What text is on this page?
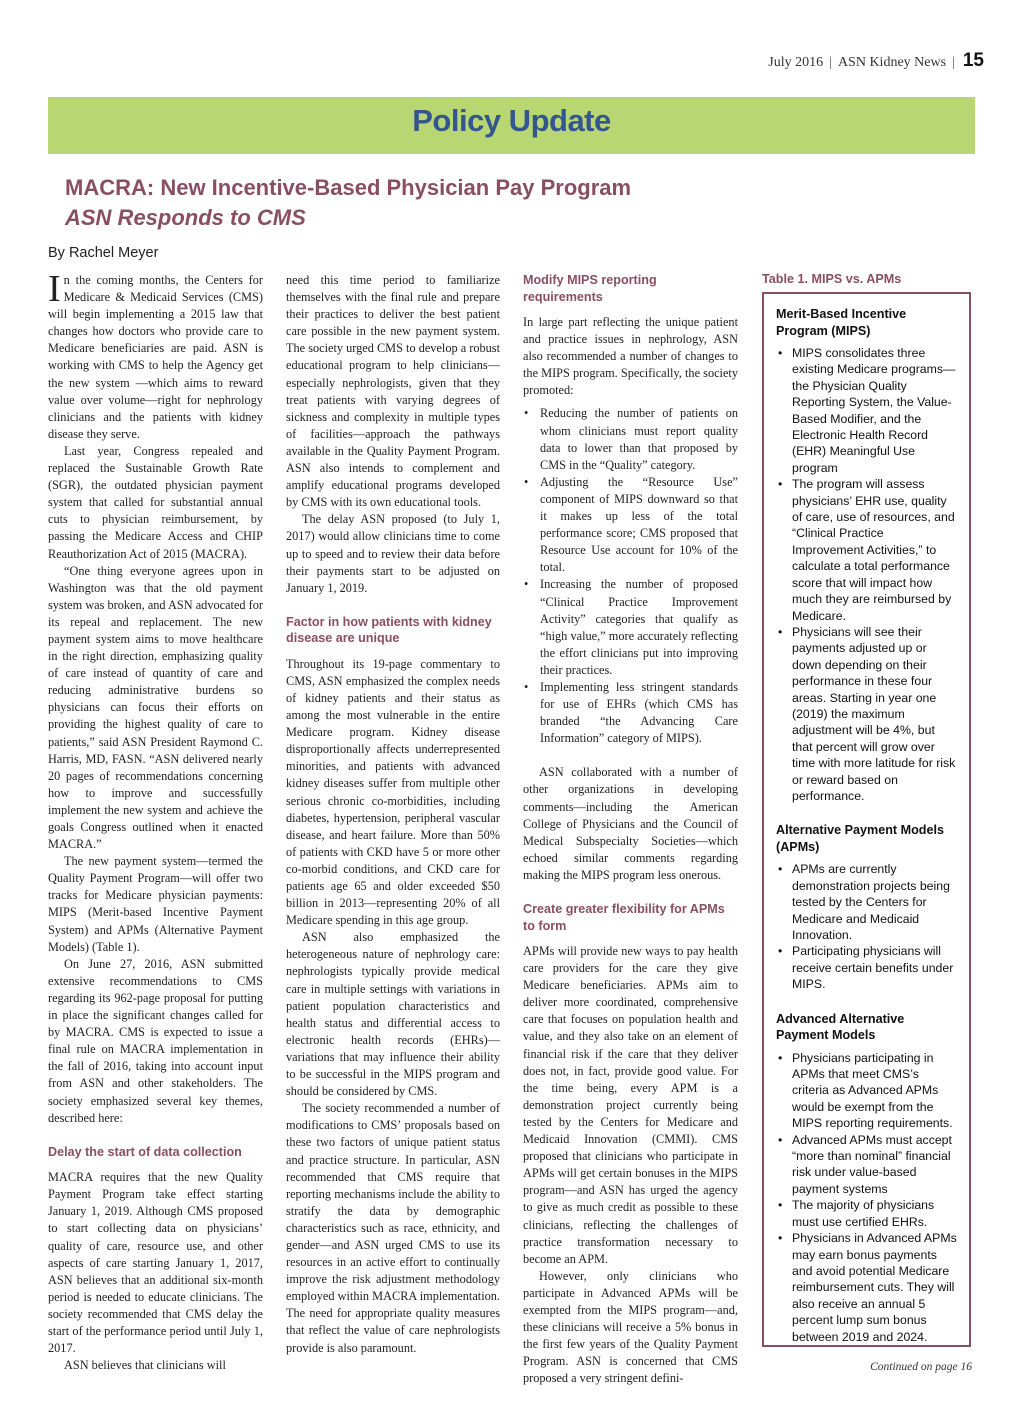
July 2016 | ASN Kidney News | 15
Policy Update
MACRA: New Incentive-Based Physician Pay Program
ASN Responds to CMS
By Rachel Meyer

In the coming months, the Centers for Medicare & Medicaid Services (CMS) will begin implementing a 2015 law that changes how doctors who provide care to Medicare beneficiaries are paid. ASN is working with CMS to help the Agency get the new system —which aims to reward value over volume—right for nephrology clinicians and the patients with kidney disease they serve.

Last year, Congress repealed and replaced the Sustainable Growth Rate (SGR), the outdated physician payment system that called for substantial annual cuts to physician reimbursement, by passing the Medicare Access and CHIP Reauthorization Act of 2015 (MACRA).

“One thing everyone agrees upon in Washington was that the old payment system was broken, and ASN advocated for its repeal and replacement. The new payment system aims to move healthcare in the right direction, emphasizing quality of care instead of quantity of care and reducing administrative burdens so physicians can focus their efforts on providing the highest quality of care to patients,” said ASN President Raymond C. Harris, MD, FASN. “ASN delivered nearly 20 pages of recommendations concerning how to improve and successfully implement the new system and achieve the goals Congress outlined when it enacted MACRA.”

The new payment system—termed the Quality Payment Program—will offer two tracks for Medicare physician payments: MIPS (Merit-based Incentive Payment System) and APMs (Alternative Payment Models) (Table 1).

On June 27, 2016, ASN submitted extensive recommendations to CMS regarding its 962-page proposal for putting in place the significant changes called for by MACRA. CMS is expected to issue a final rule on MACRA implementation in the fall of 2016, taking into account input from ASN and other stakeholders. The society emphasized several key themes, described here:

Delay the start of data collection

MACRA requires that the new Quality Payment Program take effect starting January 1, 2019. Although CMS proposed to start collecting data on physicians’ quality of care, resource use, and other aspects of care starting January 1, 2017, ASN believes that an additional six-month period is needed to educate clinicians. The society recommended that CMS delay the start of the performance period until July 1, 2017.

ASN believes that clinicians will

need this time period to familiarize themselves with the final rule and prepare their practices to deliver the best patient care possible in the new payment system. The society urged CMS to develop a robust educational program to help clinicians—especially nephrologists, given that they treat patients with varying degrees of sickness and complexity in multiple types of facilities—approach the pathways available in the Quality Payment Program. ASN also intends to complement and amplify educational programs developed by CMS with its own educational tools.

The delay ASN proposed (to July 1, 2017) would allow clinicians time to come up to speed and to review their data before their payments start to be adjusted on January 1, 2019.

Factor in how patients with kidney disease are unique

Throughout its 19-page commentary to CMS, ASN emphasized the complex needs of kidney patients and their status as among the most vulnerable in the entire Medicare program. Kidney disease disproportionally affects underrepresented minorities, and patients with advanced kidney diseases suffer from multiple other serious chronic co-morbidities, including diabetes, hypertension, peripheral vascular disease, and heart failure. More than 50% of patients with CKD have 5 or more other co-morbid conditions, and CKD care for patients age 65 and older exceeded $50 billion in 2013—representing 20% of all Medicare spending in this age group.

ASN also emphasized the heterogeneous nature of nephrology care: nephrologists typically provide medical care in multiple settings with variations in patient population characteristics and health status and differential access to electronic health records (EHRs)—variations that may influence their ability to be successful in the MIPS program and should be considered by CMS.

The society recommended a number of modifications to CMS’ proposals based on these two factors of unique patient status and practice structure. In particular, ASN recommended that CMS require that reporting mechanisms include the ability to stratify the data by demographic characteristics such as race, ethnicity, and gender—and ASN urged CMS to use its resources in an active effort to continually improve the risk adjustment methodology employed within MACRA implementation. The need for appropriate quality measures that reflect the value of care nephrologists provide is also paramount.

Modify MIPS reporting requirements

In large part reflecting the unique patient and practice issues in nephrology, ASN also recommended a number of changes to the MIPS program. Specifically, the society promoted:

• Reducing the number of patients on whom clinicians must report quality data to lower than that proposed by CMS in the “Quality” category.
• Adjusting the “Resource Use” component of MIPS downward so that it makes up less of the total performance score; CMS proposed that Resource Use account for 10% of the total.
• Increasing the number of proposed “Clinical Practice Improvement Activity” categories that qualify as “high value,” more accurately reflecting the effort clinicians put into improving their practices.
• Implementing less stringent standards for use of EHRs (which CMS has branded “the Advancing Care Information” category of MIPS).

ASN collaborated with a number of other organizations in developing comments—including the American College of Physicians and the Council of Medical Subspecialty Societies—which echoed similar comments regarding making the MIPS program less onerous.

Create greater flexibility for APMs to form

APMs will provide new ways to pay health care providers for the care they give Medicare beneficiaries. APMs aim to deliver more coordinated, comprehensive care that focuses on population health and value, and they also take on an element of financial risk if the care that they deliver does not, in fact, provide good value. For the time being, every APM is a demonstration project currently being tested by the Centers for Medicare and Medicaid Innovation (CMMI). CMS proposed that clinicians who participate in APMs will get certain bonuses in the MIPS program—and ASN has urged the agency to give as much credit as possible to these clinicians, reflecting the challenges of practice transformation necessary to become an APM.

However, only clinicians who participate in Advanced APMs will be exempted from the MIPS program—and, these clinicians will receive a 5% bonus in the first few years of the Quality Payment Program. ASN is concerned that CMS proposed a very stringent defini-

Table 1. MIPS vs. APMs
Merit-Based Incentive Program (MIPS)
• MIPS consolidates three existing Medicare programs—the Physician Quality Reporting System, the Value-Based Modifier, and the Electronic Health Record (EHR) Meaningful Use program
• The program will assess physicians’ EHR use, quality of care, use of resources, and “Clinical Practice Improvement Activities,” to calculate a total performance score that will impact how much they are reimbursed by Medicare.
• Physicians will see their payments adjusted up or down depending on their performance in these four areas. Starting in year one (2019) the maximum adjustment will be 4%, but that percent will grow over time with more latitude for risk or reward based on performance.
Alternative Payment Models (APMs)
• APMs are currently demonstration projects being tested by the Centers for Medicare and Medicaid Innovation.
• Participating physicians will receive certain benefits under MIPS.
Advanced Alternative Payment Models
• Physicians participating in APMs that meet CMS’s criteria as Advanced APMs would be exempt from the MIPS reporting requirements.
• Advanced APMs must accept “more than nominal” financial risk under value-based payment systems
• The majority of physicians must use certified EHRs.
• Physicians in Advanced APMs may earn bonus payments and avoid potential Medicare reimbursement cuts. They will also receive an annual 5 percent lump sum bonus between 2019 and 2024.
Continued on page 16
